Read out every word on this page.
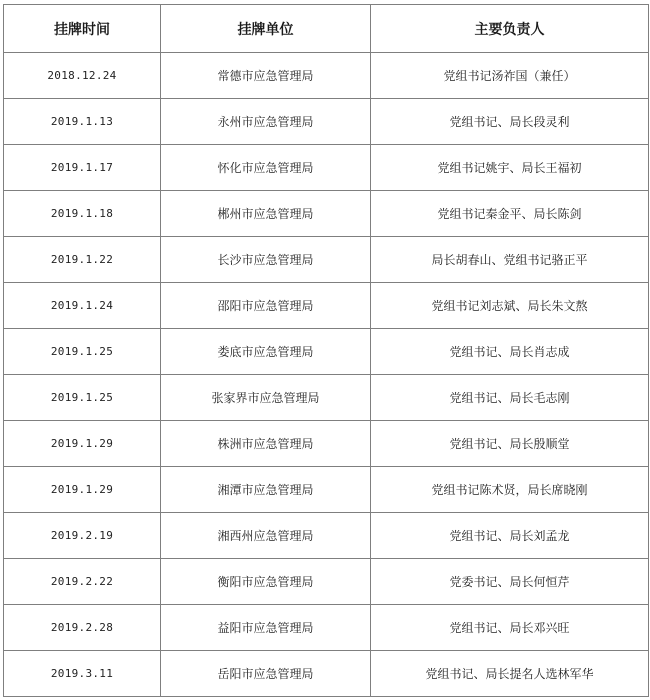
挂牌时间	挂牌单位	主要负责人
2018.12.24	常德市应急管理局	党组书记汤祚国（兼任）
2019.1.13	永州市应急管理局	党组书记、局长段灵利
2019.1.17	怀化市应急管理局	党组书记姚宇、局长王福初
2019.1.18	郴州市应急管理局	党组书记秦金平、局长陈剑
2019.1.22	长沙市应急管理局	局长胡春山、党组书记骆正平
2019.1.24	邵阳市应急管理局	党组书记刘志斌、局长朱文熬
2019.1.25	娄底市应急管理局	党组书记、局长肖志成
2019.1.25	张家界市应急管理局	党组书记、局长毛志刚
2019.1.29	株洲市应急管理局	党组书记、局长殷顺堂
2019.1.29	湘潭市应急管理局	党组书记陈术贤，局长席晓刚
2019.2.19	湘西州应急管理局	党组书记、局长刘孟龙
2019.2.22	衡阳市应急管理局	党委书记、局长何恒芹
2019.2.28	益阳市应急管理局	党组书记、局长邓兴旺
2019.3.11	岳阳市应急管理局	党组书记、局长提名人选林军华
